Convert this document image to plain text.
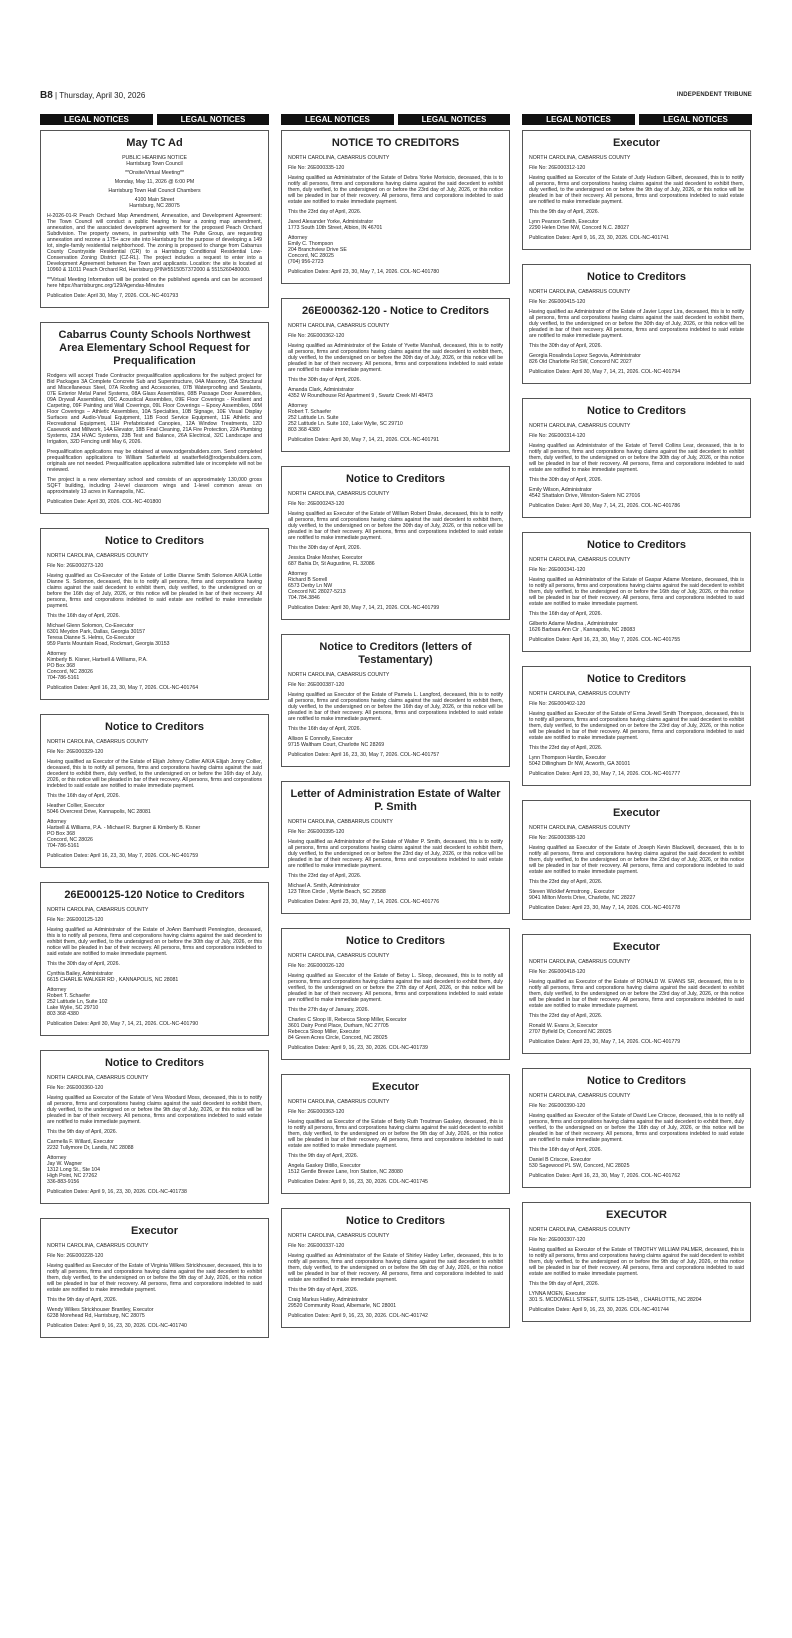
B8 | Thursday, April 30, 2026	INDEPENDENT TRIBUNE
LEGAL NOTICES	LEGAL NOTICES	LEGAL NOTICES	LEGAL NOTICES	LEGAL NOTICES	LEGAL NOTICES
May TC Ad

PUBLIC HEARING NOTICE

Harrisburg Town Council

**Onsite/Virtual Meeting**

Monday, May 11, 2026 @ 6:00 PM

Harrisburg Town Hall Council Chambers

4100 Main Street

Harrisburg, NC 28075

H-2026-01-R Peach Orchard Map Amendment, Annexation, and Development Agreement: The Town Council will conduct a public hearing to hear a zoning map amendment, annexation, and the associated development agreement for the proposed Peach Orchard Subdivision. The property owners, in partnership with The Pulte Group, are requesting annexation and rezone a 175+ acre site into Harrisburg for the purpose of developing a 149 lot, single-family residential neighborhood. The zoning is proposed to change from Cabarrus County Countryside Residential (CR) to a Harrisburg Conditional Residential Low-Conservation Zoning District (CZ-RL). The project includes a request to enter into a Development Agreement between the Town and applicants. Location: the site is located at 10960 & 11011 Peach Orchard Rd, Harrisburg (PIN#5515057372000 & 5515260480000.

**Virtual Meeting Information will be posted on the published agenda and can be accessed here https://harrisburgnc.org/129/Agendas-Minutes

Publication Date: April 30, May 7, 2026. COL-NC-401793

Cabarrus County Schools Northwest Area Elementary School Request for Prequalification

Rodgers will accept Trade Contractor prequalification applications for the subject project for Bid Packages 3A Complete Concrete Sub and Superstructure, 04A Masonry, 05A Structural and Miscellaneous Steel, 07A Roofing and Accessories, 07B Waterproofing and Sealants, 07E Exterior Metal Panel Systems, 08A Glass Assemblies, 08B Passage Door Assemblies, 09A Drywall Assemblies, 09C Acoustical Assemblies, 09E Floor Coverings - Resilient and Carpeting, 09F Painting and Wall Coverings, 09L Floor Coverings – Epoxy Assemblies, 09M Floor Coverings – Athletic Assemblies, 10A Specialties, 10B Signage, 10E Visual Display Surfaces and Audio-Visual Equipment, 11B Food Service Equipment, 11E Athletic and Recreational Equipment, 11H Prefabricated Canopies, 12A Window Treatments, 12D Casework and Millwork, 14A Elevator, 18B Final Cleaning, 21A Fire Protection, 22A Plumbing Systems, 23A HVAC Systems, 23B Test and Balance, 26A Electrical, 32C Landscape and Irrigation, 32D Fencing until May 6, 2026.

Prequalification applications may be obtained at www.rodgersbuilders.com. Send completed prequalification applications to William Satterfield at wsatterfield@rodgersbuilders.com, originals are not needed. Prequalification applications submitted late or incomplete will not be reviewed.

The project is a new elementary school and consists of an approximately 130,000 gross SQFT building, including 2-level classroom wings and 1-level common areas on approximately 13 acres in Kannapolis, NC.

Publication Date: April 30, 2026. COL-NC-401800

Notice to Creditors

NORTH CAROLINA, CABARRUS COUNTY

File No: 26E000273-120

Having qualified as Co-Executor of the Estate of Lottie Dianne Smith Solomon A/K/A Lottie Dianne S. Solomon, deceased, this is to notify all persons, firms and corporations having claims against the said decedent to exhibit them, duly verified, to the undersigned on or before the 16th day of July, 2026, or this notice will be pleaded in bar of their recovery. All persons, firms and corporations indebted to said estate are notified to make immediate payment.

This the 16th day of April, 2026.

Michael Glenn Solomon, Co-Executor

6301 Meydon Park, Dallas, Georgia 30157

Teresa Dianne S. Helms, Co-Executor

959 Parris Mountain Road, Rockmart, Georgia 30153

Attorney

Kimberly B. Kisner, Hartsell & Williams, P.A.

PO Box 368

Concord, NC 28026

704-786-5161

Publication Dates: April 16, 23, 30, May 7, 2026. COL-NC-401764

Notice to Creditors

NORTH CAROLINA, CABARRUS COUNTY

File No: 26E000329-120

Having qualified as Executor of the Estate of Elijah Johnny Collier A/K/A Elijah Jonny Collier, deceased, this is to notify all persons, firms and corporations having claims against the said decedent to exhibit them, duly verified, to the undersigned on or before the 16th day of July, 2026, or this notice will be pleaded in bar of their recovery. All persons, firms and corporations indebted to said estate are notified to make immediate payment.

This the 16th day of April, 2026.

Heather Collier, Executor

5046 Overcrest Drive, Kannapolis, NC 28081

Attorney

Hartsell & Williams, P.A. - Michael R. Burgner & Kimberly B. Kisner

PO Box 368

Concord, NC 28026

704-786-5161

Publication Dates: April 16, 23, 30, May 7, 2026. COL-NC-401759

26E000125-120 Notice to Creditors

NORTH CAROLINA, CABARRUS COUNTY

File No: 26E000125-120

Having qualified as Administrator of the Estate of JoAnn Barnhardt Pennington, deceased, this is to notify all persons, firms and corporations having claims against the said decedent to exhibit them, duly verified, to the undersigned on or before the 30th day of July, 2026, or this notice will be pleaded in bar of their recovery. All persons, firms and corporations indebted to said estate are notified to make immediate payment.

This the 30th day of April, 2026.

Cynthia Bailey, Administrator

6615 CHARLIE WALKER RD , KANNAPOLIS, NC 28081

Attorney

Robert T. Schaefer

252 Latitude Ln, Suite 102

Lake Wylie, SC 29710

803 368 4380

Publication Dates: April 30, May 7, 14, 21, 2026. COL-NC-401790

Notice to Creditors

NORTH CAROLINA, CABARRUS COUNTY

File No: 26E000360-120

Having qualified as Executor of the Estate of Vera Woodard Moss, deceased, this is to notify all persons, firms and corporations having claims against the said decedent to exhibit them, duly verified, to the undersigned on or before the 9th day of July, 2026, or this notice will be pleaded in bar of their recovery. All persons, firms and corporations indebted to said estate are notified to make immediate payment.

This the 9th day of April, 2026.

Carmella F. Willard, Executor

2232 Tullymore Dr, Landis, NC 28088

Attorney

Jay W. Wagner

1312 Long St., Ste 104

High Point, NC 27262

336-883-9156

Publication Dates: April 9, 16, 23, 30, 2026. COL-NC-401738

Executor

NORTH CAROLINA, CABARRUS COUNTY

File No: 26E000228-120

Having qualified as Executor of the Estate of Virginia Wilkes Strickhouser, deceased, this is to notify all persons, firms and corporations having claims against the said decedent to exhibit them, duly verified, to the undersigned on or before the 9th day of July, 2026, or this notice will be pleaded in bar of their recovery. All persons, firms and corporations indebted to said estate are notified to make immediate payment.

This the 9th day of April, 2026.

Wendy Wilkes Strickhouser Brantley, Executor

6238 Morehead Rd, Harrisburg, NC 28075

Publication Dates: April 9, 16, 23, 30, 2026. COL-NC-401740

NOTICE TO CREDITORS

NORTH CAROLINA, CABARRUS COUNTY

File No: 26E000335-120

Having qualified as Administrator of the Estate of Debra Yorke Morisicio, deceased, this is to notify all persons, firms and corporations having claims against the said decedent to exhibit them, duly verified, to the undersigned on or before the 23rd day of July, 2026, or this notice will be pleaded in bar of their recovery. All persons, firms and corporations indebted to said estate are notified to make immediate payment.

This the 23rd day of April, 2026.

Jared Alexander Yorke, Administrator

1773 South 10th Street, Albion, IN 46701

Attorney

Emily C. Thompson

204 Branchview Drive SE

Concord, NC 28025

(704) 956-2723

Publication Dates: April 23, 30, May 7, 14, 2026. COL-NC-401780

26E000362-120 - Notice to Creditors

NORTH CAROLINA, CABARRUS COUNTY

File No: 26E000362-120

Having qualified as Administrator of the Estate of Yvette Marshall, deceased, this is to notify all persons, firms and corporations having claims against the said decedent to exhibit them, duly verified, to the undersigned on or before the 30th day of July, 2026, or this notice will be pleaded in bar of their recovery. All persons, firms and corporations indebted to said estate are notified to make immediate payment.

This the 30th day of April, 2026.

Amanda Clark, Administrator

4352 W Roundhouse Rd Apartment 9 , Swartz Creek MI 48473

Attorney

Robert T. Schaefer

252 Latitude Ln. Suite

252 Latitude Ln. Suite 102, Lake Wylie, SC 29710

803 368 4380

Publication Dates: April 30, May 7, 14, 21, 2026. COL-NC-401791

Notice to Creditors

NORTH CAROLINA, CABARRUS COUNTY

File No: 26E000243-120

Having qualified as Executor of the Estate of William Robert Drake, deceased, this is to notify all persons, firms and corporations having claims against the said decedent to exhibit them, duly verified, to the undersigned on or before the 30th day of July, 2026, or this notice will be pleaded in bar of their recovery. All persons, firms and corporations indebted to said estate are notified to make immediate payment.

This the 30th day of April, 2026.

Jessica Drake Mosher, Executor

687 Bahia Dr, St Augustine, FL 32086

Attorney

Richard B Sorrell

6573 Derby Ln NW

Concord NC 28027-5213

704.784.3846

Publication Dates: April 30, May 7, 14, 21, 2026. COL-NC-401799

Notice to Creditors (letters of Testamentary)

NORTH CAROLINA, CABARRUS COUNTY

File No: 26E000387-120

Having qualified as Executor of the Estate of Pamela L. Langford, deceased, this is to notify all persons, firms and corporations having claims against the said decedent to exhibit them, duly verified, to the undersigned on or before the 16th day of July, 2026, or this notice will be pleaded in bar of their recovery. All persons, firms and corporations indebted to said estate are notified to make immediate payment.

This the 16th day of April, 2026.

Allison E Connolly, Executor

9715 Waltham Court, Charlotte NC 28269

Publication Dates: April 16, 23, 30, May 7, 2026. COL-NC-401757

Letter of Administration Estate of Walter P. Smith

NORTH CAROLINA, CABBARRUS COUNTY

File No: 26E000395-120

Having qualified as Administrator of the Estate of Walter P. Smith, deceased, this is to notify all persons, firms and corporations having claims against the said decedent to exhibit them, duly verified, to the undersigned on or before the 23rd day of July, 2026, or this notice will be pleaded in bar of their recovery. All persons, firms and corporations indebted to said estate are notified to make immediate payment.

This the 23rd day of April, 2026.

Michael A. Smith, Administrator

123 Tilton Circle , Myrtle Beach, SC 29588

Publication Dates: April 23, 30, May 7, 14, 2026. COL-NC-401776

Notice to Creditors

NORTH CAROLINA, CABARRUS COUNTY

File No: 26E000026-120

Having qualified as Executor of the Estate of Betsy L. Sloop, deceased, this is to notify all persons, firms and corporations having claims against the said decedent to exhibit them, duly verified, to the undersigned on or before the 27th day of April, 2026, or this notice will be pleaded in bar of their recovery. All persons, firms and corporations indebted to said estate are notified to make immediate payment.

This the 27th day of January, 2026.

Charles C Sloop III, Rebecca Sloop Miller, Executor

3601 Dairy Pond Place, Durham, NC 27705

Rebecca Sloop Miller, Executor

84 Green Acres Circle, Concord, NC 28025

Publication Dates: April 9, 16, 23, 30, 2026. COL-NC-401739

Executor

NORTH CAROLINA, CABARRUS COUNTY

File No: 26E000363-120

Having qualified as Executor of the Estate of Betty Ruth Troutman Gaskey, deceased, this is to notify all persons, firms and corporations having claims against the said decedent to exhibit them, duly verified, to the undersigned on or before the 9th day of July, 2026, or this notice will be pleaded in bar of their recovery. All persons, firms and corporations indebted to said estate are notified to make immediate payment.

This the 9th day of April, 2026.

Angela Gaskey Ditillo, Executor

1512 Gentle Breeze Lane, Iron Station, NC 28080

Publication Dates: April 9, 16, 23, 30, 2026. COL-NC-401745

Notice to Creditors

NORTH CAROLINA, CABARRUS COUNTY

File No: 26E000337-120

Having qualified as Administrator of the Estate of Shirley Hatley Lefler, deceased, this is to notify all persons, firms and corporations having claims against the said decedent to exhibit them, duly verified, to the undersigned on or before the 9th day of July, 2026, or this notice will be pleaded in bar of their recovery. All persons, firms and corporations indebted to said estate are notified to make immediate payment.

This the 9th day of April, 2026.

Craig Markus Hatley, Administrator

29520 Community Road, Albemarle, NC 28001

Publication Dates: April 9, 16, 23, 30, 2026. COL-NC-401742

Executor

NORTH CAROLINA, CABARRUS COUNTY

File No: 26E000312-120

Having qualified as Executor of the Estate of Judy Hudson Gilbert, deceased, this is to notify all persons, firms and corporations having claims against the said decedent to exhibit them, duly verified, to the undersigned on or before the 9th day of July, 2026, or this notice will be pleaded in bar of their recovery. All persons, firms and corporations indebted to said estate are notified to make immediate payment.

This the 9th day of April, 2026.

Lynn Pearson Smith, Executor

2290 Helen Drive NW, Concord N.C. 28027

Publication Dates: April 9, 16, 23, 30, 2026. COL-NC-401741

Notice to Creditors

NORTH CAROLINA, CABARRUS COUNTY

File No: 26E000415-120

Having qualified as Administrator of the Estate of Javier Lopez Lira, deceased, this is to notify all persons, firms and corporations having claims against the said decedent to exhibit them, duly verified, to the undersigned on or before the 30th day of July, 2026, or this notice will be pleaded in bar of their recovery. All persons, firms and corporations indebted to said estate are notified to make immediate payment.

This the 30th day of April, 2026.

Georgia Rosalinda Lopez Segovia, Administrator

826 Old Charlotte Rd SW, Concord NC 2027

Publication Dates: April 30, May 7, 14, 21, 2026. COL-NC-401794

Notice to Creditors

NORTH CAROLINA, CABARRUS COUNTY

File No: 26E000314-120

Having qualified as Administrator of the Estate of Terrell Collins Lear, deceased, this is to notify all persons, firms and corporations having claims against the said decedent to exhibit them, duly verified, to the undersigned on or before the 30th day of July, 2026, or this notice will be pleaded in bar of their recovery. All persons, firms and corporations indebted to said estate are notified to make immediate payment.

This the 30th day of April, 2026.

Emily Wilson, Administrator

4542 Shattalon Drive, Winston-Salem NC 27016

Publication Dates: April 30, May 7, 14, 21, 2026. COL-NC-401786

Notice to Creditors

NORTH CAROLINA, CABARRUS COUNTY

File No: 26E000341-120

Having qualified as Administrator of the Estate of Gaspar Adame Montano, deceased, this is to notify all persons, firms and corporations having claims against the said decedent to exhibit them, duly verified, to the undersigned on or before the 16th day of July, 2026, or this notice will be pleaded in bar of their recovery. All persons, firms and corporations indebted to said estate are notified to make immediate payment.

This the 16th day of April, 2026.

Gilberto Adame Medina , Administrator

1626 Barbara Ann Cir , Kannapolis, NC 28083

Publication Dates: April 16, 23, 30, May 7, 2026. COL-NC-401755

Notice to Creditors

NORTH CAROLINA, CABARRUS COUNTY

File No: 26E000402-120

Having qualified as Executor of the Estate of Erma Jewell Smith Thompson, deceased, this is to notify all persons, firms and corporations having claims against the said decedent to exhibit them, duly verified, to the undersigned on or before the 23rd day of July, 2026, or this notice will be pleaded in bar of their recovery. All persons, firms and corporations indebted to said estate are notified to make immediate payment.

This the 23rd day of April, 2026.

Lynn Thompson Hardin, Executor

5042 Dillingham Dr NW, Acworth, GA 30101

Publication Dates: April 23, 30, May 7, 14, 2026. COL-NC-401777

Executor

NORTH CAROLINA, CABARRUS COUNTY

File No: 26E000388-120

Having qualified as Executor of the Estate of Joseph Kevin Blackwell, deceased, this is to notify all persons, firms and corporations having claims against the said decedent to exhibit them, duly verified, to the undersigned on or before the 23rd day of July, 2026, or this notice will be pleaded in bar of their recovery. All persons, firms and corporations indebted to said estate are notified to make immediate payment.

This the 23rd day of April, 2026.

Steven Wicklief Armstrong , Executor

9041 Milton Morris Drive, Charlotte, NC 28227

Publication Dates: April 23, 30, May 7, 14, 2026. COL-NC-401778

Executor

NORTH CAROLINA, CABARRUS COUNTY

File No: 26E000418-120

Having qualified as Executor of the Estate of RONALD W. EVANS SR, deceased, this is to notify all persons, firms and corporations having claims against the said decedent to exhibit them, duly verified, to the undersigned on or before the 23rd day of July, 2026, or this notice will be pleaded in bar of their recovery. All persons, firms and corporations indebted to said estate are notified to make immediate payment.

This the 23rd day of April, 2026.

Ronald W. Evans Jr, Executor

2707 Byfield Dr, Concord NC 28025

Publication Dates: April 23, 30, May 7, 14, 2026. COL-NC-401779

Notice to Creditors

NORTH CAROLINA, CABARRUS COUNTY

File No: 26E000390-120

Having qualified as Executor of the Estate of David Lee Criscoe, deceased, this is to notify all persons, firms and corporations having claims against the said decedent to exhibit them, duly verified, to the undersigned on or before the 16th day of July, 2026, or this notice will be pleaded in bar of their recovery. All persons, firms and corporations indebted to said estate are notified to make immediate payment.

This the 16th day of April, 2026.

Daniel B Criscoe, Executor

530 Sagewood PL SW, Concord, NC 28025

Publication Dates: April 16, 23, 30, May 7, 2026. COL-NC-401762

EXECUTOR

NORTH CAROLINA, CABARRUS COUNTY

File No: 26E000307-120

Having qualified as Executor of the Estate of TIMOTHY WILLIAM PALMER, deceased, this is to notify all persons, firms and corporations having claims against the said decedent to exhibit them, duly verified, to the undersigned on or before the 9th day of July, 2026, or this notice will be pleaded in bar of their recovery. All persons, firms and corporations indebted to said estate are notified to make immediate payment.

This the 9th day of April, 2026.

LYNNA MOEN, Executor

301 S. MCDOWELL STREET, SUITE 125-1548, , CHARLOTTE, NC 28204

Publication Dates: April 9, 16, 23, 30, 2026. COL-NC-401744
